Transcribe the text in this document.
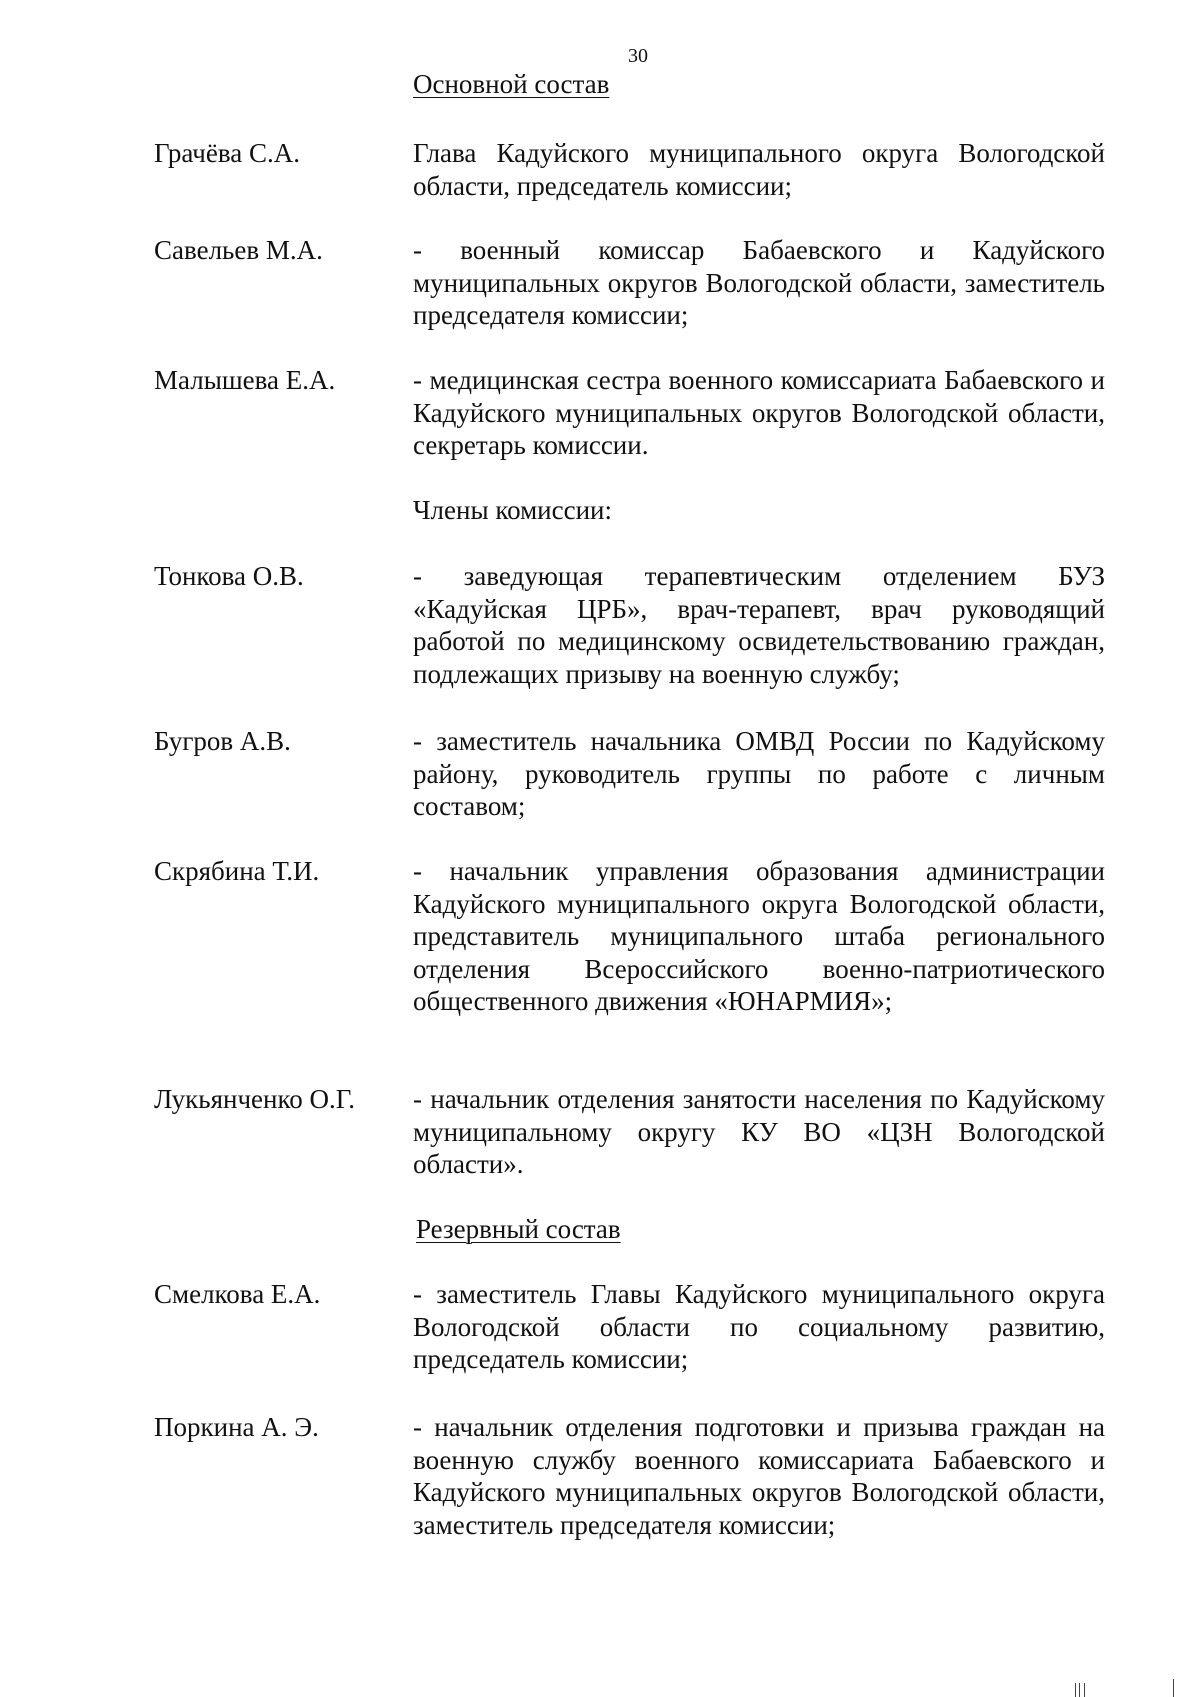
30
Основной состав
Грачёва С.А.	Глава Кадуйского муниципального округа Вологодской области, председатель комиссии;
Савельев М.А.	- военный комиссар Бабаевского и Кадуйского муниципальных округов Вологодской области, заместитель председателя комиссии;
Малышева Е.А.	- медицинская сестра военного комиссариата Бабаевского и Кадуйского муниципальных округов Вологодской области, секретарь комиссии.
Члены комиссии:
Тонкова О.В.	- заведующая терапевтическим отделением БУЗ «Кадуйская ЦРБ», врач-терапевт, врач руководящий работой по медицинскому освидетельствованию граждан, подлежащих призыву на военную службу;
Бугров А.В.	- заместитель начальника ОМВД России по Кадуйскому району, руководитель группы по работе с личным составом;
Скрябина Т.И.	- начальник управления образования администрации Кадуйского муниципального округа Вологодской области, представитель муниципального штаба регионального отделения Всероссийского военно-патриотического общественного движения «ЮНАРМИЯ»;
Лукьянченко О.Г.	- начальник отделения занятости населения по Кадуйскому муниципальному округу КУ ВО «ЦЗН Вологодской области».
Резервный состав
Смелкова Е.А.	- заместитель Главы Кадуйского муниципального округа Вологодской области по социальному развитию, председатель комиссии;
Поркина А. Э.	- начальник отделения подготовки и призыва граждан на военную службу военного комиссариата Бабаевского и Кадуйского муниципальных округов Вологодской области, заместитель председателя комиссии;
